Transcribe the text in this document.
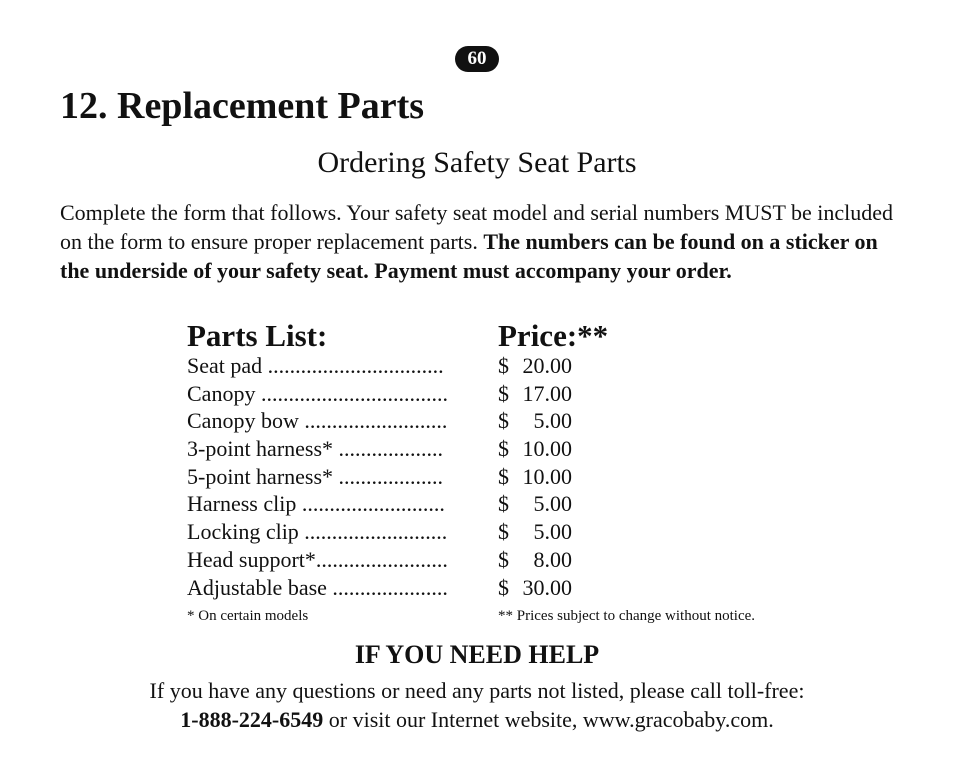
60
12. Replacement Parts
Ordering Safety Seat Parts

Complete the form that follows. Your safety seat model and serial numbers MUST be included on the form to ensure proper replacement parts. The numbers can be found on a sticker on the underside of your safety seat. Payment must accompany your order.

Parts List:	Price:**
Seat pad ................................ $ 20.00
Canopy .................................. $ 17.00
Canopy bow .......................... $ 5.00
3-point harness* ................... $ 10.00
5-point harness* ................... $ 10.00
Harness clip .......................... $ 5.00
Locking clip .......................... $ 5.00
Head support*........................ $ 8.00
Adjustable base ..................... $ 30.00
* On certain models	** Prices subject to change without notice.
IF YOU NEED HELP

If you have any questions or need any parts not listed, please call toll-free:
1-888-224-6549 or visit our Internet website, www.gracobaby.com.
